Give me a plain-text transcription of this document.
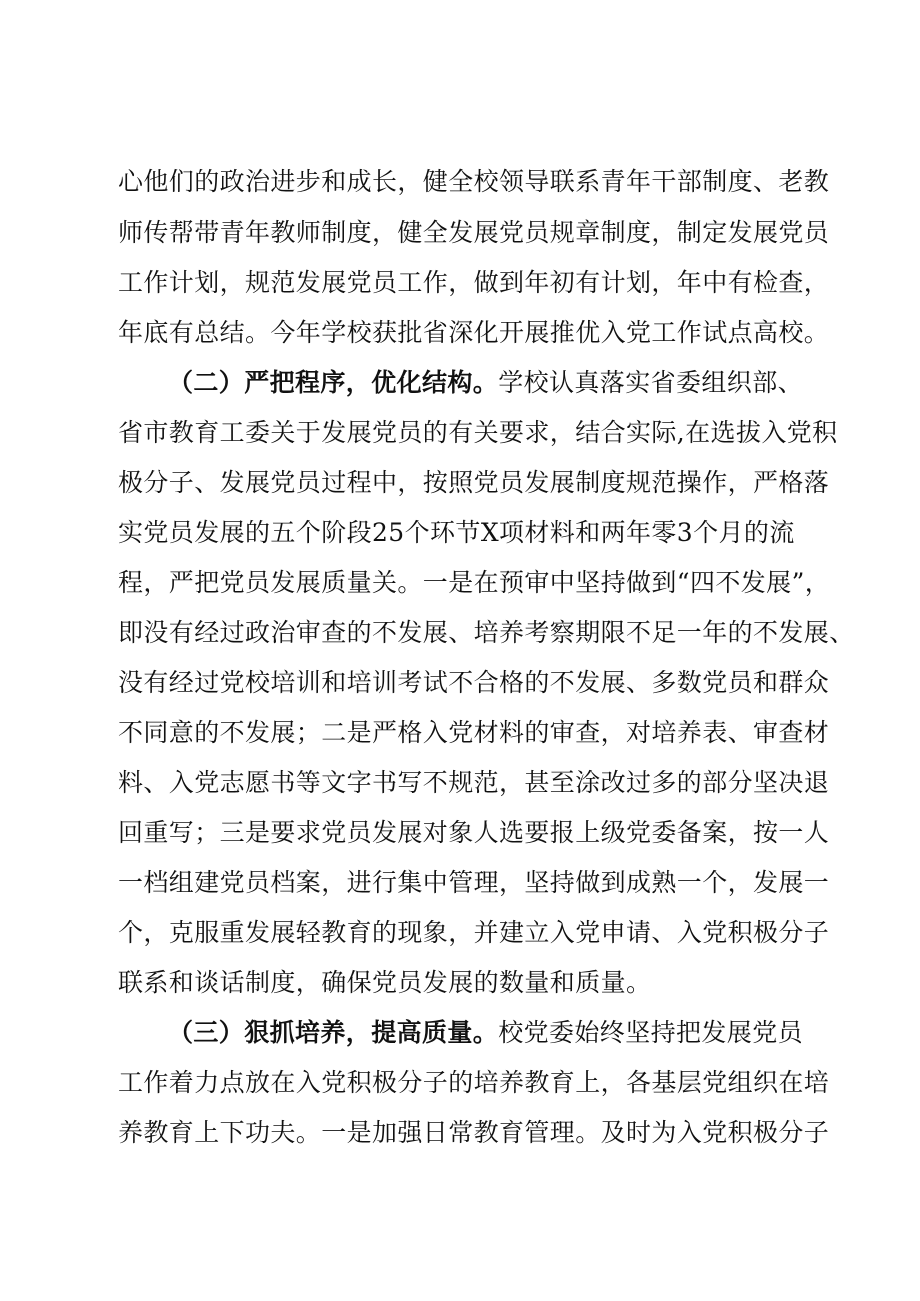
心他们的政治进步和成长，健全校领导联系青年干部制度、老教
师传帮带青年教师制度，健全发展党员规章制度，制定发展党员
工作计划，规范发展党员工作，做到年初有计划，年中有检查，
年底有总结。今年学校获批省深化开展推优入党工作试点高校。
（二）严把程序，优化结构。学校认真落实省委组织部、
省市教育工委关于发展党员的有关要求，结合实际,在选拔入党积
极分子、发展党员过程中，按照党员发展制度规范操作，严格落
实党员发展的五个阶段25个环节X项材料和两年零3个月的流
程，严把党员发展质量关。一是在预审中坚持做到“四不发展”，
即没有经过政治审查的不发展、培养考察期限不足一年的不发展、
没有经过党校培训和培训考试不合格的不发展、多数党员和群众
不同意的不发展；二是严格入党材料的审查，对培养表、审查材
料、入党志愿书等文字书写不规范，甚至涂改过多的部分坚决退
回重写；三是要求党员发展对象人选要报上级党委备案，按一人
一档组建党员档案，进行集中管理，坚持做到成熟一个，发展一
个，克服重发展轻教育的现象，并建立入党申请、入党积极分子
联系和谈话制度，确保党员发展的数量和质量。
（三）狠抓培养，提高质量。校党委始终坚持把发展党员
工作着力点放在入党积极分子的培养教育上，各基层党组织在培
养教育上下功夫。一是加强日常教育管理。及时为入党积极分子
